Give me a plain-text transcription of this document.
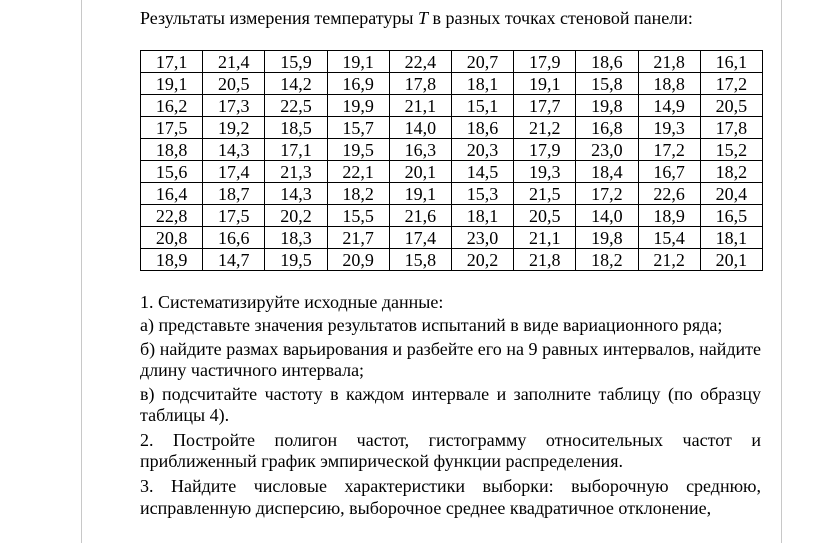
Результаты измерения температуры T в разных точках стеновой панели:
17,1	21,4	15,9	19,1	22,4	20,7	17,9	18,6	21,8	16,1
19,1	20,5	14,2	16,9	17,8	18,1	19,1	15,8	18,8	17,2
16,2	17,3	22,5	19,9	21,1	15,1	17,7	19,8	14,9	20,5
17,5	19,2	18,5	15,7	14,0	18,6	21,2	16,8	19,3	17,8
18,8	14,3	17,1	19,5	16,3	20,3	17,9	23,0	17,2	15,2
15,6	17,4	21,3	22,1	20,1	14,5	19,3	18,4	16,7	18,2
16,4	18,7	14,3	18,2	19,1	15,3	21,5	17,2	22,6	20,4
22,8	17,5	20,2	15,5	21,6	18,1	20,5	14,0	18,9	16,5
20,8	16,6	18,3	21,7	17,4	23,0	21,1	19,8	15,4	18,1
18,9	14,7	19,5	20,9	15,8	20,2	21,8	18,2	21,2	20,1

1. Систематизируйте исходные данные:

а) представьте значения результатов испытаний в виде вариационного ряда;

б) найдите размах варьирования и разбейте его на 9 равных интервалов, найдите длину частичного интервала;

в) подсчитайте частоту в каждом интервале и заполните таблицу (по образцу таблицы 4).

2. Постройте полигон частот, гистограмму относительных частот и приближенный график эмпирической функции распределения.

3. Найдите числовые характеристики выборки: выборочную среднюю, исправленную дисперсию, выборочное среднее квадратичное отклонение,
